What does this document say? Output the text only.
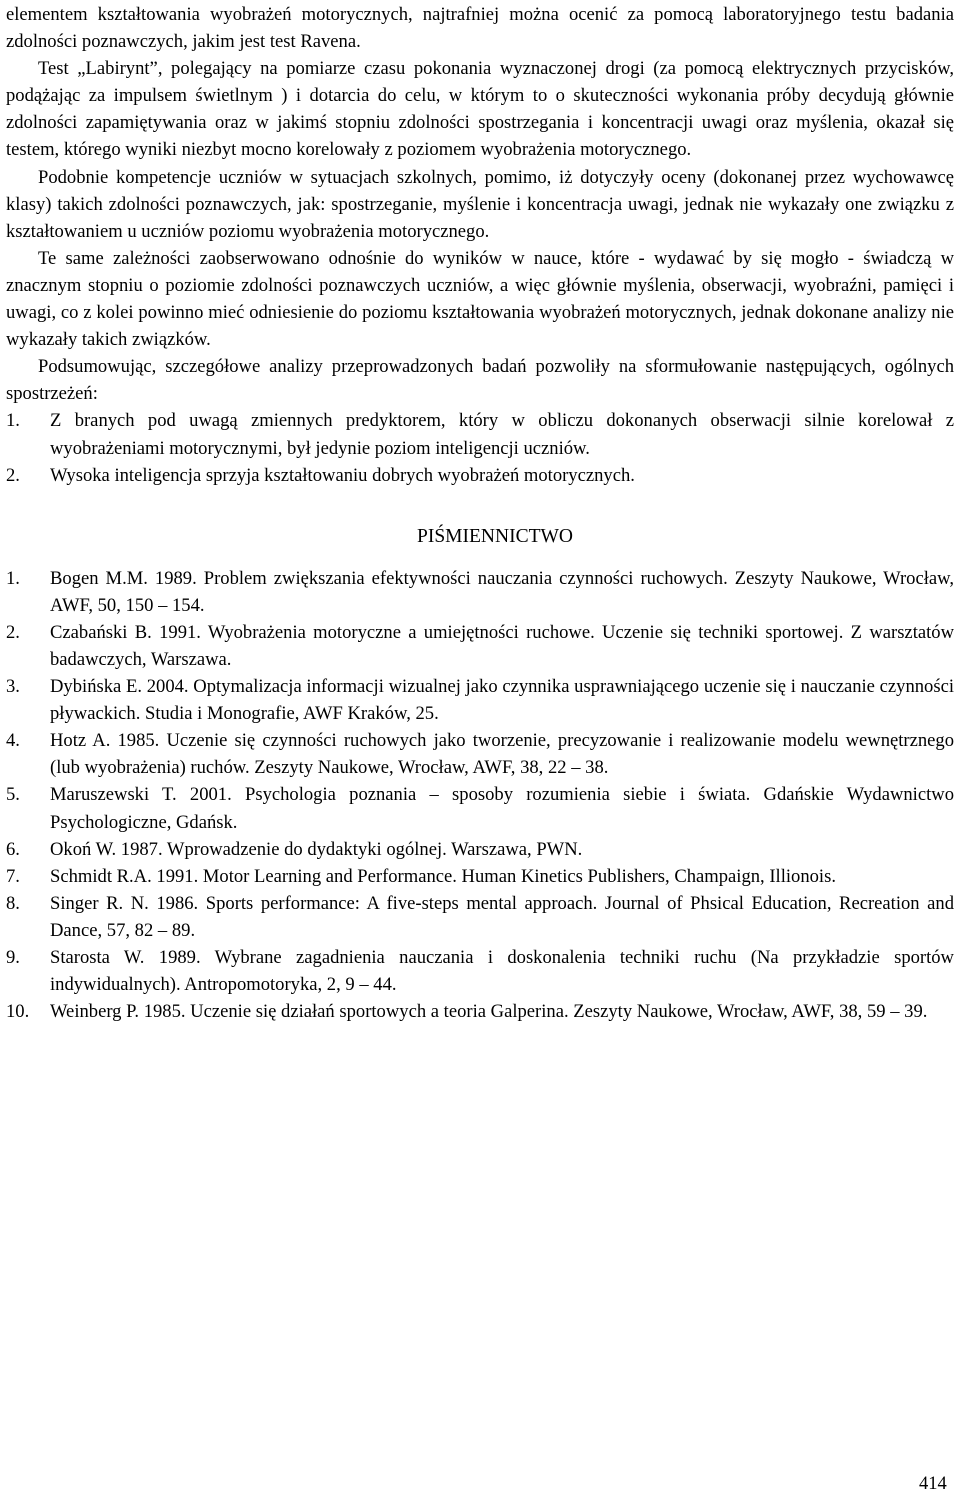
elementem kształtowania wyobrażeń motorycznych, najtrafniej można ocenić za pomocą laboratoryjnego testu badania zdolności poznawczych, jakim jest test Ravena.

Test „Labirynt”, polegający na pomiarze czasu pokonania wyznaczonej drogi (za pomocą elektrycznych przycisków, podążając za impulsem świetlnym ) i dotarcia do celu, w którym to o skuteczności wykonania próby decydują głównie zdolności zapamiętywania oraz w jakimś stopniu zdolności spostrzegania i koncentracji uwagi oraz myślenia, okazał się testem, którego wyniki niezbyt mocno korelowały z poziomem wyobrażenia motorycznego.

Podobnie kompetencje uczniów w sytuacjach szkolnych, pomimo, iż dotyczyły oceny (dokonanej przez wychowawcę klasy) takich zdolności poznawczych, jak: spostrzeganie, myślenie i koncentracja uwagi, jednak nie wykazały one związku z kształtowaniem u uczniów poziomu wyobrażenia motorycznego.

Te same zależności zaobserwowano odnośnie do wyników w nauce, które - wydawać by się mogło - świadczą w znacznym stopniu o poziomie zdolności poznawczych uczniów, a więc głównie myślenia, obserwacji, wyobraźni, pamięci i uwagi, co z kolei powinno mieć odniesienie do poziomu kształtowania wyobrażeń motorycznych, jednak dokonane analizy nie wykazały takich związków.

Podsumowując, szczegółowe analizy przeprowadzonych badań pozwoliły na sformułowanie następujących, ogólnych spostrzeżeń:

1.	Z branych pod uwagą zmiennych predyktorem, który w obliczu dokonanych obserwacji silnie korelował z wyobrażeniami motorycznymi, był jedynie poziom inteligencji uczniów.
2.	Wysoka inteligencja sprzyja kształtowaniu dobrych wyobrażeń motorycznych.
PIŚMIENNICTWO
1.	Bogen M.M. 1989. Problem zwiększania efektywności nauczania czynności ruchowych. Zeszyty Naukowe, Wrocław, AWF, 50, 150 – 154.
2.	Czabański B. 1991. Wyobrażenia motoryczne a umiejętności ruchowe. Uczenie się techniki sportowej. Z warsztatów badawczych, Warszawa.
3.	Dybińska E. 2004. Optymalizacja informacji wizualnej jako czynnika usprawniającego uczenie się i nauczanie czynności pływackich. Studia i Monografie, AWF Kraków, 25.
4.	Hotz A. 1985. Uczenie się czynności ruchowych jako tworzenie, precyzowanie i realizowanie modelu wewnętrznego (lub wyobrażenia) ruchów. Zeszyty Naukowe, Wrocław, AWF, 38, 22 – 38.
5.	Maruszewski T. 2001. Psychologia poznania – sposoby rozumienia siebie i świata. Gdańskie Wydawnictwo Psychologiczne, Gdańsk.
6.	Okoń W. 1987. Wprowadzenie do dydaktyki ogólnej. Warszawa, PWN.
7.	Schmidt R.A. 1991. Motor Learning and Performance. Human Kinetics Publishers, Champaign, Illionois.
8.	Singer R. N. 1986. Sports performance: A five-steps mental approach. Journal of Phsical Education, Recreation and Dance, 57, 82 – 89.
9.	Starosta W. 1989. Wybrane zagadnienia nauczania i doskonalenia techniki ruchu (Na przykładzie sportów indywidualnych). Antropomotoryka, 2, 9 – 44.
10.	Weinberg P. 1985. Uczenie się działań sportowych a teoria Galperina. Zeszyty Naukowe, Wrocław, AWF, 38, 59 – 39.
414
